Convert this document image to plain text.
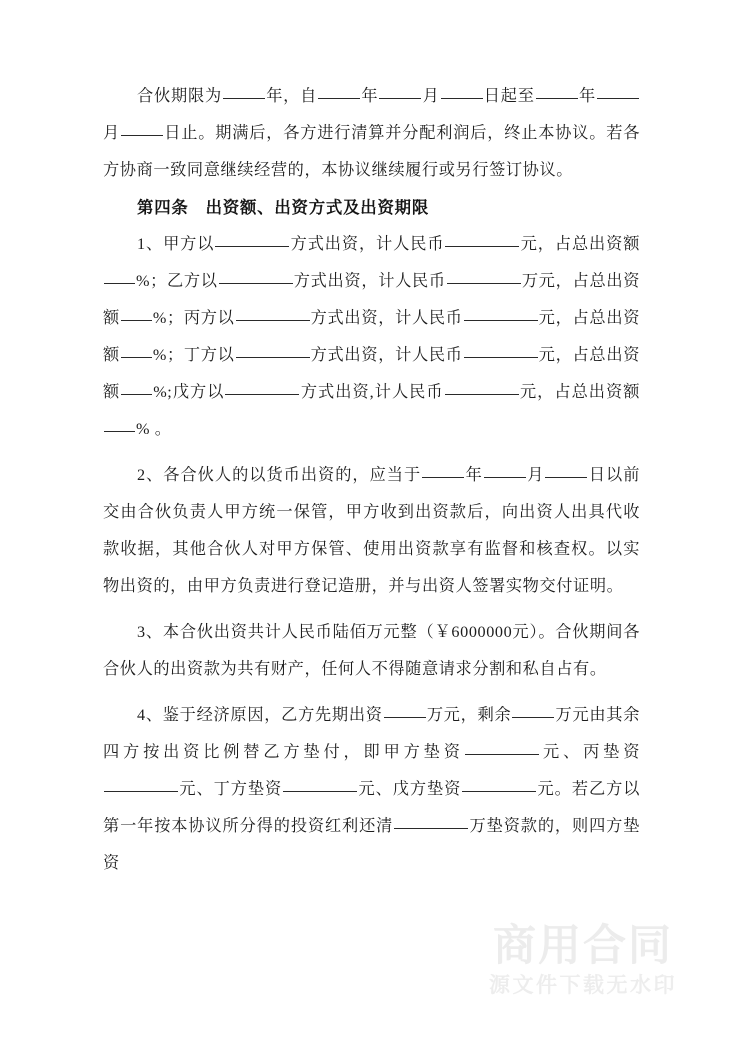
合伙期限为	年，自	年	月	日起至	年月	日止。期满后，各方进行清算并分配利润后，终止本协议。若各方协商一致同意继续经营的，本协议继续履行或另行签订协议。

第四条 出资额、出资方式及出资期限

1、甲方以	方式出资，计人民币	元，占总出资额%；乙方以	方式出资，计人民币	万元，占总出资额 %；丙方以	方式出资，计人民币	元，占总出资额 %；丁方以	方式出资，计人民币	元，占总出资额 %;戊方以	方式出资,计人民币	元，占总出资额% 。

2、各合伙人的以货币出资的，应当于	年	月	日以前交由合伙负责人甲方统一保管，甲方收到出资款后，向出资人出具代收款收据，其他合伙人对甲方保管、使用出资款享有监督和核查权。以实物出资的，由甲方负责进行登记造册，并与出资人签署实物交付证明。

3、本合伙出资共计人民币陆佰万元整（￥6000000元）。合伙期间各合伙人的出资款为共有财产，任何人不得随意请求分割和私自占有。

4、鉴于经济原因，乙方先期出资	万元，剩余	万元由其余四方按出资比例替乙方垫付，即甲方垫资	元、丙垫资元、丁方垫资	元、戊方垫资	元。若乙方以第一年按本协议所分得的投资红利还清	万垫资款的，则四方垫资

商用合同
源文件下载无水印
